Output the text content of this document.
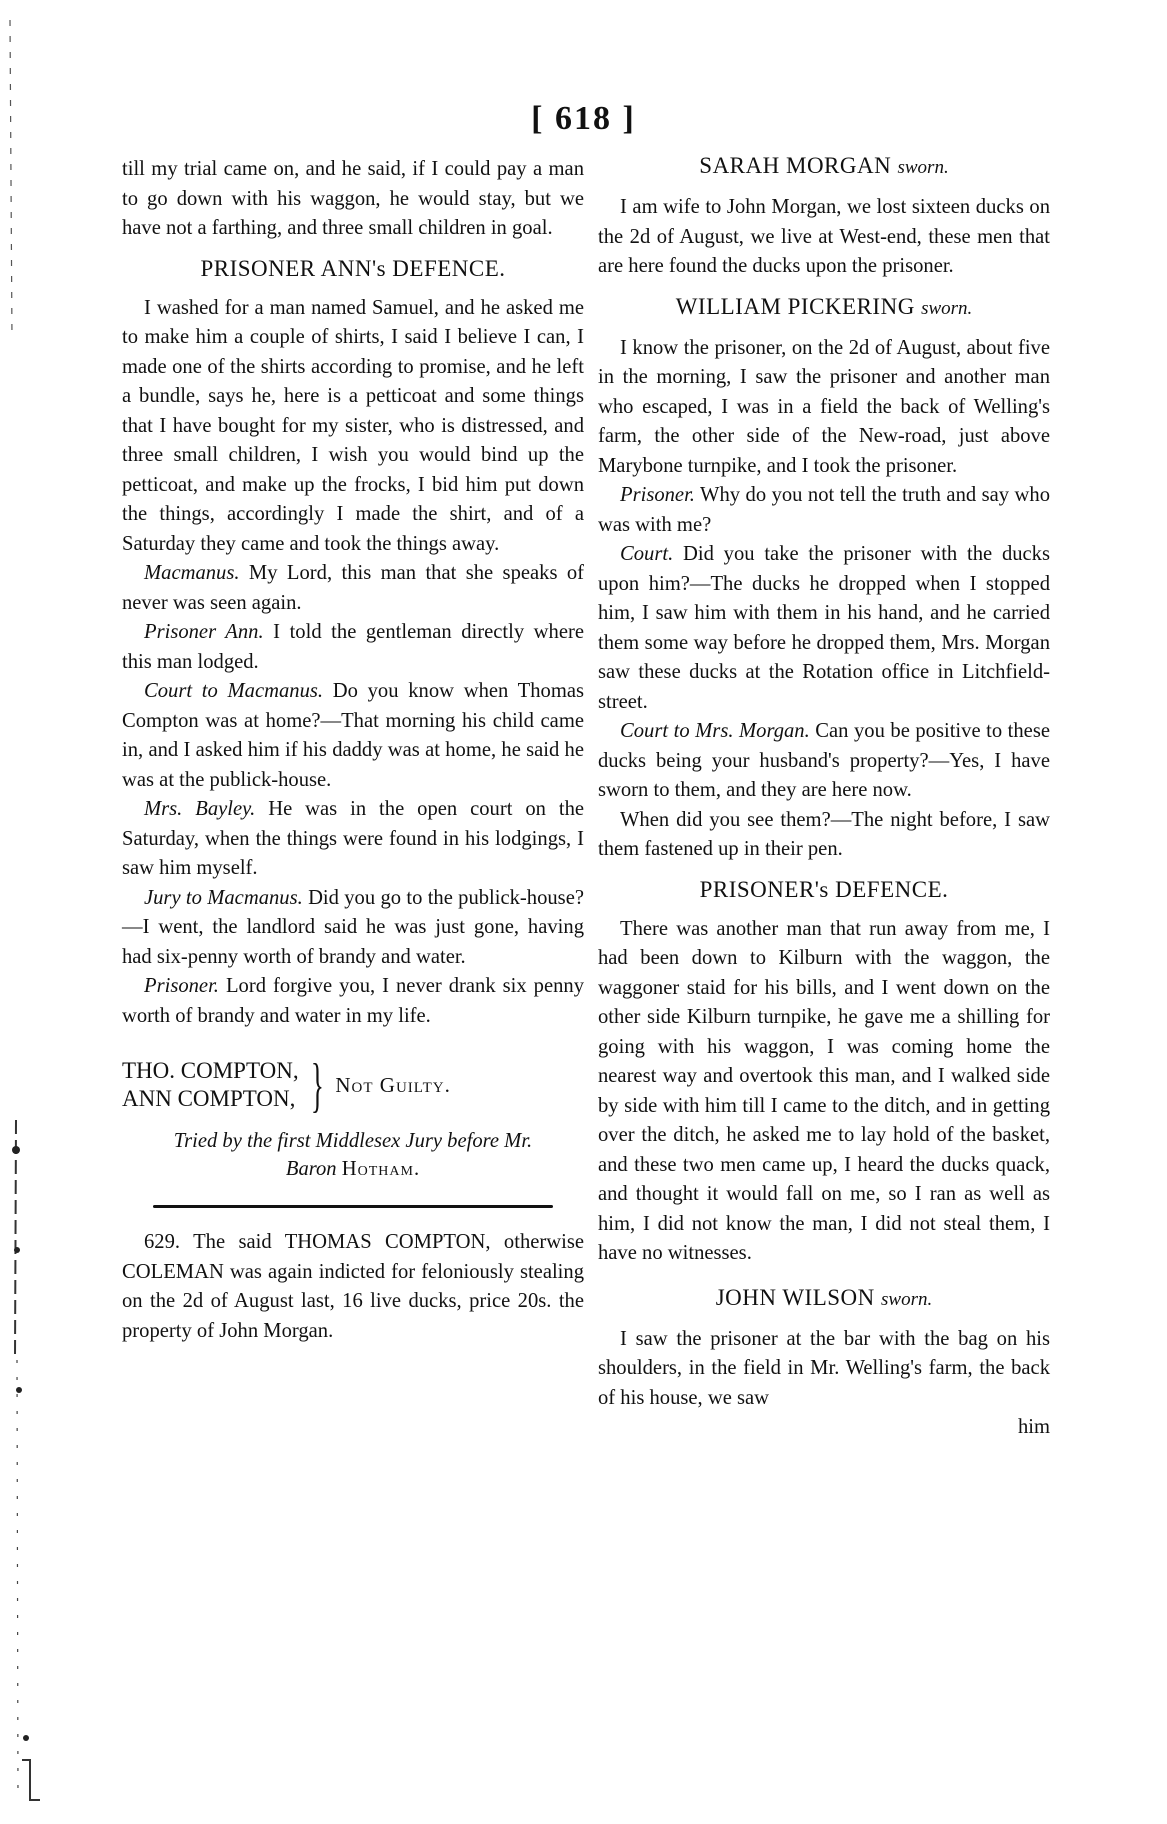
[ 618 ]

till my trial came on, and he said, if I could pay a man to go down with his waggon, he would stay, but we have not a farthing, and three small children in goal.

PRISONER ANN's DEFENCE.

I washed for a man named Samuel, and he asked me to make him a couple of shirts, I said I believe I can, I made one of the shirts according to promise, and he left a bundle, says he, here is a petticoat and some things that I have bought for my sister, who is distressed, and three small children, I wish you would bind up the petticoat, and make up the frocks, I bid him put down the things, accordingly I made the shirt, and of a Saturday they came and took the things away.

Macmanus. My Lord, this man that she speaks of never was seen again.

Prisoner Ann. I told the gentleman directly where this man lodged.

Court to Macmanus. Do you know when Thomas Compton was at home?—That morning his child came in, and I asked him if his daddy was at home, he said he was at the publick-house.

Mrs. Bayley. He was in the open court on the Saturday, when the things were found in his lodgings, I saw him myself.

Jury to Macmanus. Did you go to the publick-house?—I went, the landlord said he was just gone, having had six-penny worth of brandy and water.

Prisoner. Lord forgive you, I never drank six penny worth of brandy and water in my life.

THO. COMPTON,
ANN COMPTON, } Not Guilty.

Tried by the first Middlesex Jury before Mr.
Baron Hotham.

629. The said THOMAS COMPTON, otherwise COLEMAN was again indicted for feloniously stealing on the 2d of August last, 16 live ducks, price 20s. the property of John Morgan.

SARAH MORGAN sworn.

I am wife to John Morgan, we lost sixteen ducks on the 2d of August, we live at West-end, these men that are here found the ducks upon the prisoner.

WILLIAM PICKERING sworn.

I know the prisoner, on the 2d of August, about five in the morning, I saw the prisoner and another man who escaped, I was in a field the back of Welling's farm, the other side of the New-road, just above Marybone turnpike, and I took the prisoner.

Prisoner. Why do you not tell the truth and say who was with me?

Court. Did you take the prisoner with the ducks upon him?—The ducks he dropped when I stopped him, I saw him with them in his hand, and he carried them some way before he dropped them, Mrs. Morgan saw these ducks at the Rotation office in Litchfield-street.

Court to Mrs. Morgan. Can you be positive to these ducks being your husband's property?—Yes, I have sworn to them, and they are here now.

When did you see them?—The night before, I saw them fastened up in their pen.

PRISONER's DEFENCE.

There was another man that run away from me, I had been down to Kilburn with the waggon, the waggoner staid for his bills, and I went down on the other side Kilburn turnpike, he gave me a shilling for going with his waggon, I was coming home the nearest way and overtook this man, and I walked side by side with him till I came to the ditch, and in getting over the ditch, he asked me to lay hold of the basket, and these two men came up, I heard the ducks quack, and thought it would fall on me, so I ran as well as him, I did not know the man, I did not steal them, I have no witnesses.

JOHN WILSON sworn.

I saw the prisoner at the bar with the bag on his shoulders, in the field in Mr. Welling's farm, the back of his house, we saw

him
